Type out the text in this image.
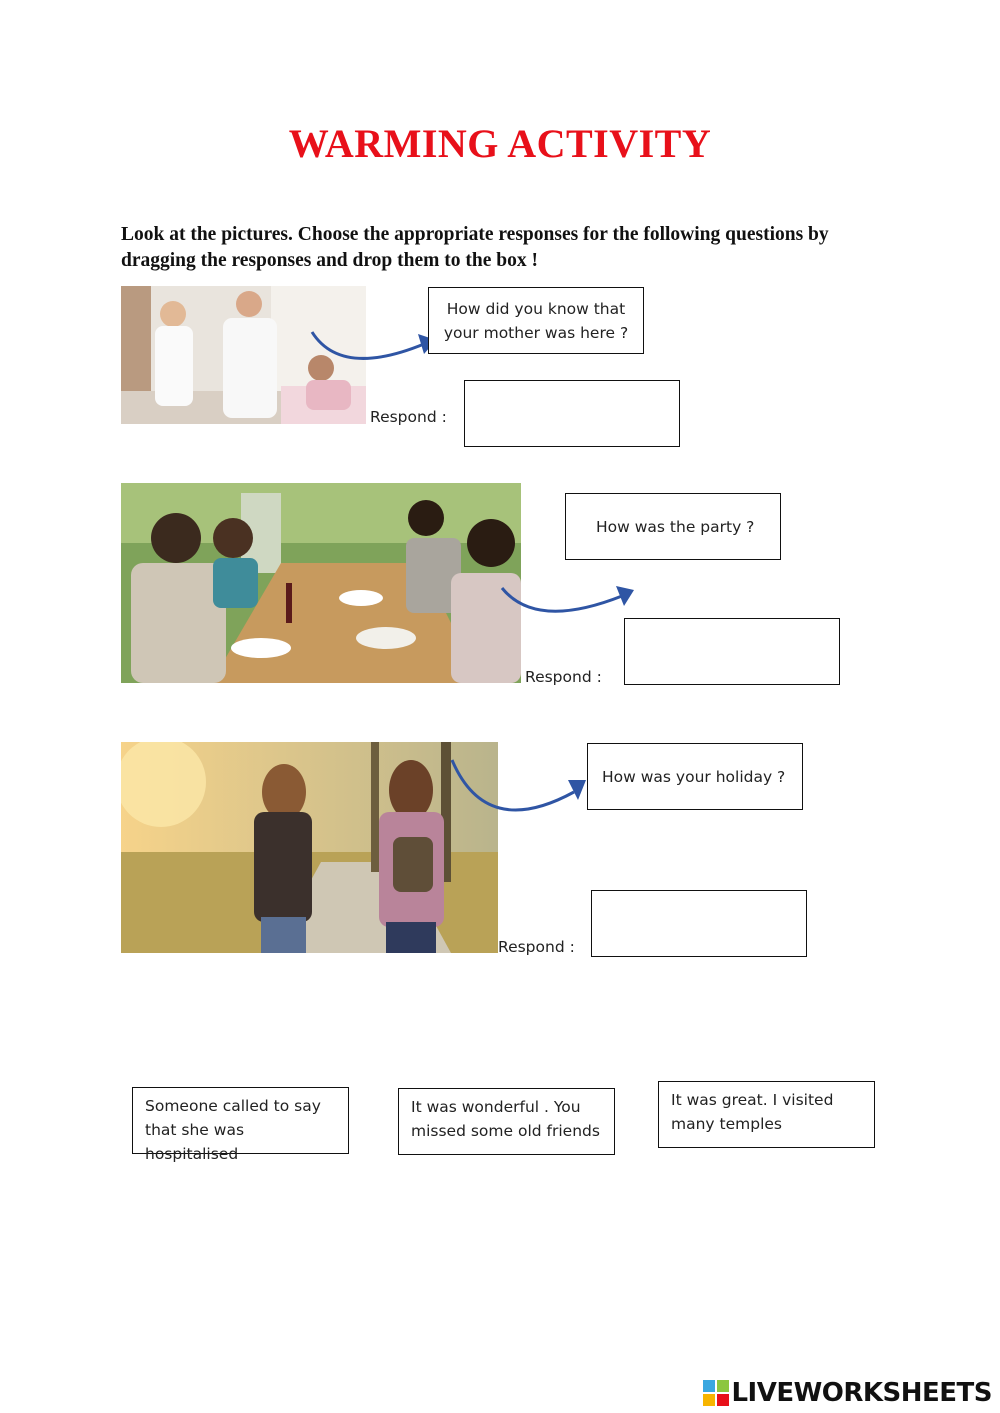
WARMING ACTIVITY
Look at the pictures. Choose the appropriate responses for the following questions by dragging the responses and drop them to the box !
How did you know that your mother was here ?
Respond :
How was the party ?
Respond :
How was your holiday ?
Respond :
Someone called to say that she was hospitalised
It was wonderful . You missed some old friends
It was great. I visited many temples
LIVEWORKSHEETS
